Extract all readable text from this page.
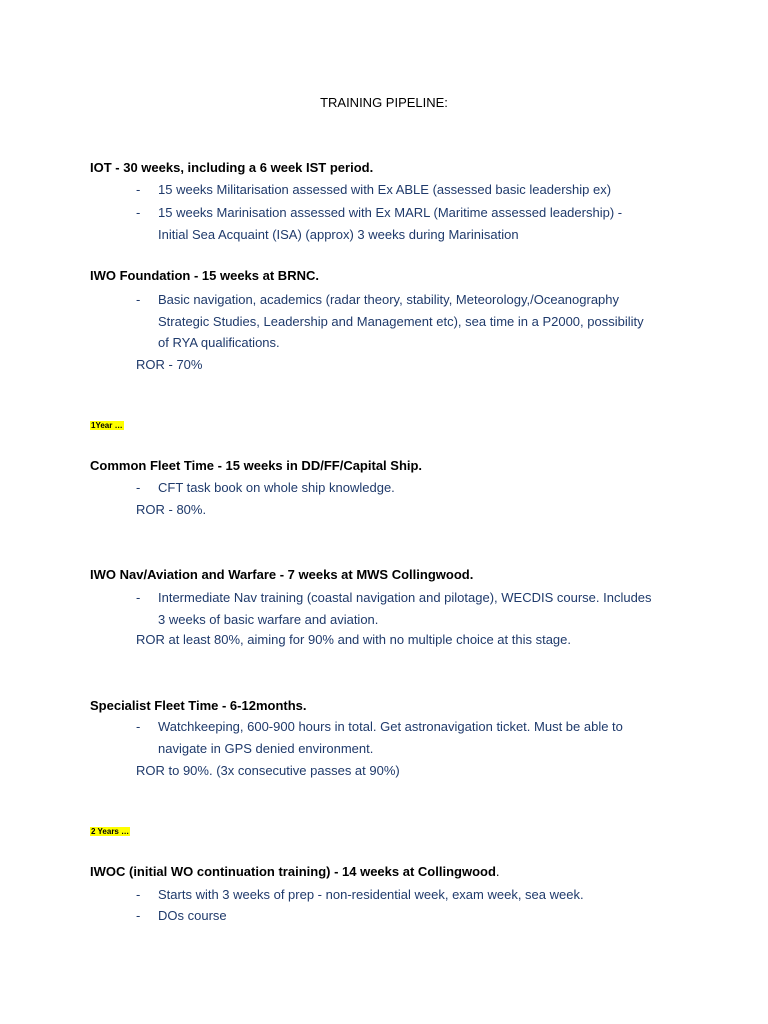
TRAINING PIPELINE:
IOT - 30 weeks, including a 6 week IST period.
- 15 weeks Militarisation assessed with Ex ABLE (assessed basic leadership ex)
- 15 weeks Marinisation assessed with Ex MARL (Maritime assessed leadership) -
Initial Sea Acquaint (ISA) (approx) 3 weeks during Marinisation
IWO Foundation - 15 weeks at BRNC.
- Basic navigation, academics (radar theory, stability, Meteorology,/Oceanography
Strategic Studies, Leadership and Management etc), sea time in a P2000, possibility
of RYA qualifications.
ROR - 70%
1Year …
Common Fleet Time - 15 weeks in DD/FF/Capital Ship.
- CFT task book on whole ship knowledge.
ROR - 80%.
IWO Nav/Aviation and Warfare - 7 weeks at MWS Collingwood.
- Intermediate Nav training (coastal navigation and pilotage), WECDIS course. Includes
3 weeks of basic warfare and aviation.
ROR at least 80%, aiming for 90% and with no multiple choice at this stage.
Specialist Fleet Time - 6-12months.
- Watchkeeping, 600-900 hours in total. Get astronavigation ticket. Must be able to
navigate in GPS denied environment.
ROR to 90%. (3x consecutive passes at 90%)
2 Years …
IWOC (initial WO continuation training) - 14 weeks at Collingwood.
- Starts with 3 weeks of prep - non-residential week, exam week, sea week.
- DOs course
